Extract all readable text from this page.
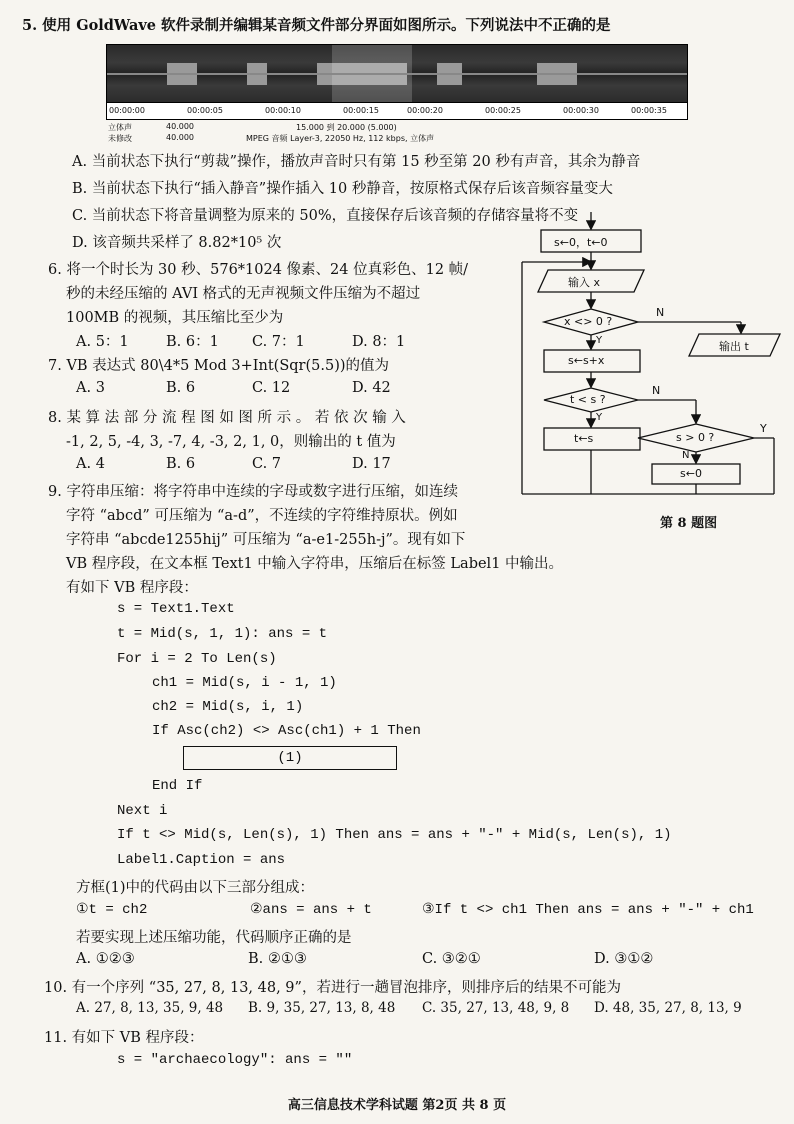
5. 使用 GoldWave 软件录制并编辑某音频文件部分界面如图所示。下列说法中不正确的是
00:00:00	00:00:05	00:00:10	00:00:15	00:00:20	00:00:25	00:00:30	00:00:35
立体声	40.000	15.000 到 20.000 (5.000)
未修改	40.000	MPEG 音频 Layer-3, 22050 Hz, 112 kbps, 立体声
A. 当前状态下执行“剪裁”操作，播放声音时只有第 15 秒至第 20 秒有声音，其余为静音
B. 当前状态下执行“插入静音”操作插入 10 秒静音，按原格式保存后该音频容量变大
C. 当前状态下将音量调整为原来的 50%，直接保存后该音频的存储容量将不变
D. 该音频共采样了 8.82*10⁵ 次
6. 将一个时长为 30 秒、576*1024 像素、24 位真彩色、12 帧/
秒的未经压缩的 AVI 格式的无声视频文件压缩为不超过
100MB 的视频，其压缩比至少为
A. 5：1	B. 6：1 C. 7：1	D. 8：1
7. VB 表达式 80\4*5 Mod 3+Int(Sqr(5.5))的值为
A. 3	B. 6	C. 12	D. 42
8. 某 算 法 部 分 流 程 图 如 图 所 示 。 若 依 次 输 入
-1, 2, 5, -4, 3, -7, 4, -3, 2, 1, 0，则输出的 t 值为
A. 4	B. 6	C. 7	D. 17
s←0，t←0
输入 x
x <> 0 ?
N
Y	输出 t
s←s+x
t < s ?
N
Y
t←s	s > 0 ?
Y
N
s←0
第 8 题图
9. 字符串压缩：将字符串中连续的字母或数字进行压缩，如连续
字符 “abcd” 可压缩为 “a-d”，不连续的字符维持原状。例如
字符串 “abcde1255hij” 可压缩为 “a-e1-255h-j”。现有如下
VB 程序段，在文本框 Text1 中输入字符串，压缩后在标签 Label1 中输出。
有如下 VB 程序段：
s = Text1.Text
t = Mid(s, 1, 1): ans = t
For i = 2 To Len(s)
ch1 = Mid(s, i - 1, 1)
ch2 = Mid(s, i, 1)
If Asc(ch2) <> Asc(ch1) + 1 Then
(1)
End If
Next i
If t <> Mid(s, Len(s), 1) Then ans = ans + "-" + Mid(s, Len(s), 1)
Label1.Caption = ans
方框(1)中的代码由以下三部分组成：
①t = ch2	②ans = ans + t	③If t <> ch1 Then ans = ans + "-" + ch1
若要实现上述压缩功能，代码顺序正确的是
A. ①②③	B. ②①③	C. ③②①	D. ③①②
10. 有一个序列 “35, 27, 8, 13, 48, 9”，若进行一趟冒泡排序，则排序后的结果不可能为
A. 27, 8, 13, 35, 9, 48 B. 9, 35, 27, 13, 8, 48 C. 35, 27, 13, 48, 9, 8 D. 48, 35, 27, 8, 13, 9
11. 有如下 VB 程序段：
s = "archaecology": ans = ""
高三信息技术学科试题 第2页 共 8 页
